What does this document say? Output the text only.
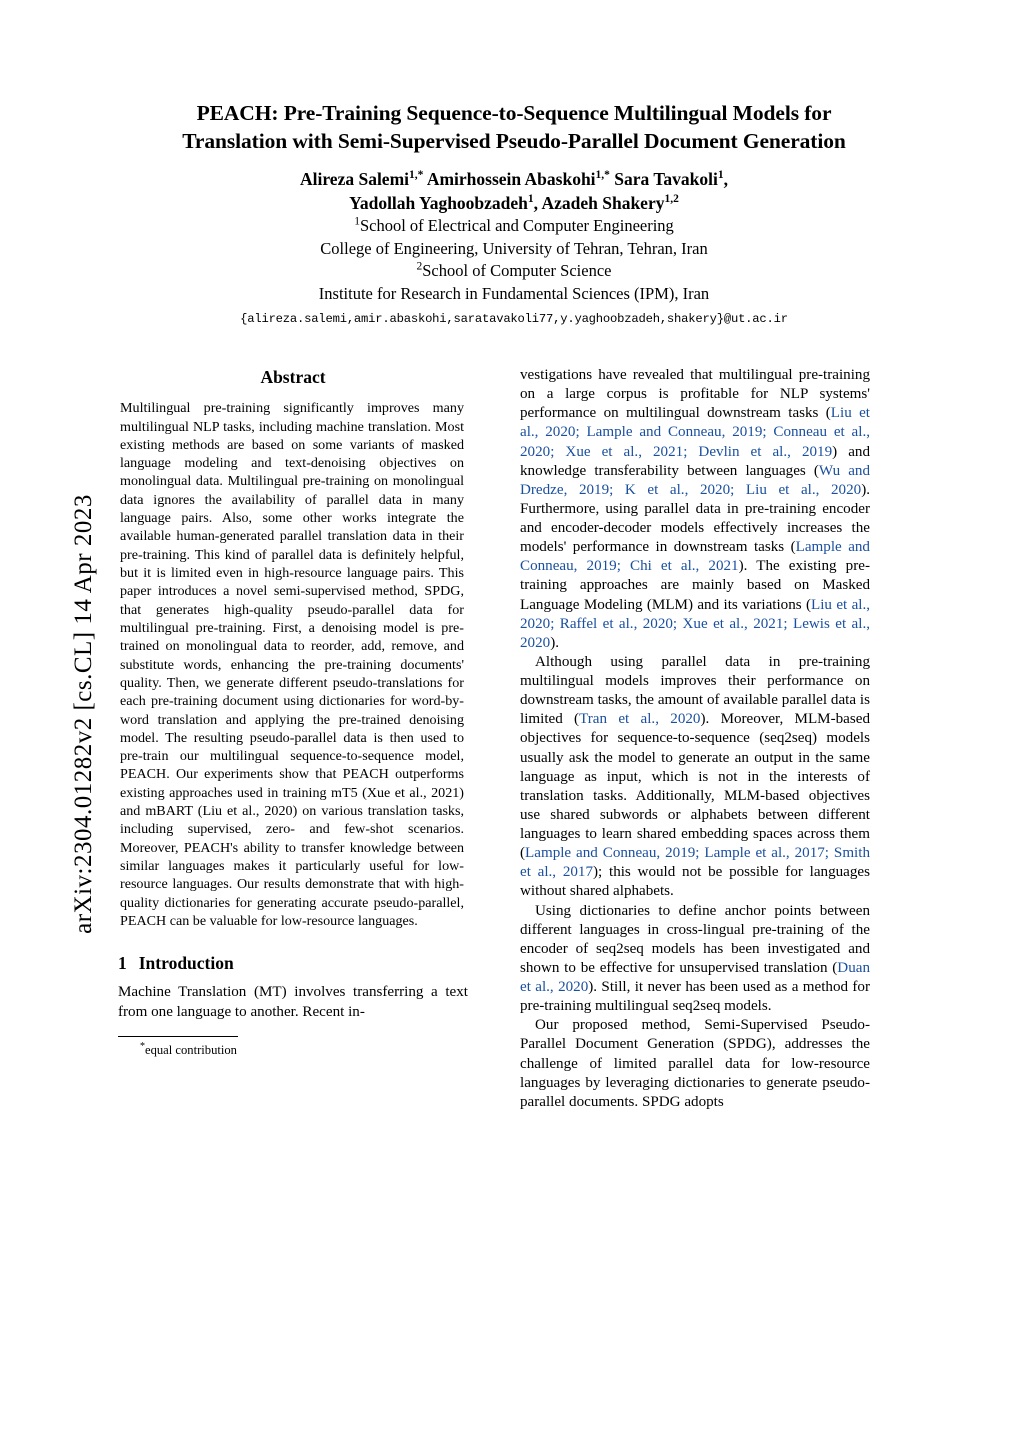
arXiv:2304.01282v2 [cs.CL] 14 Apr 2023
PEACH: Pre-Training Sequence-to-Sequence Multilingual Models for
Translation with Semi-Supervised Pseudo-Parallel Document Generation
Alireza Salemi$^{1,*}$ Amirhossein Abaskohi$^{1,*}$ Sara Tavakoli$^1$,
Yadollah Yaghoobzadeh$^1$, Azadeh Shakery$^{1,2}$
$^1$School of Electrical and Computer Engineering
College of Engineering, University of Tehran, Tehran, Iran
$^2$School of Computer Science
Institute for Research in Fundamental Sciences (IPM), Iran
{alireza.salemi,amir.abaskohi,saratavakoli77,y.yaghoobzadeh,shakery}@ut.ac.ir
Abstract
Multilingual pre-training significantly improves many multilingual NLP tasks, including machine translation. Most existing methods are based on some variants of masked language modeling and text-denoising objectives on monolingual data. Multilingual pre-training on monolingual data ignores the availability of parallel data in many language pairs. Also, some other works integrate the available human-generated parallel translation data in their pre-training. This kind of parallel data is definitely helpful, but it is limited even in high-resource language pairs. This paper introduces a novel semi-supervised method, SPDG, that generates high-quality pseudo-parallel data for multilingual pre-training. First, a denoising model is pre-trained on monolingual data to reorder, add, remove, and substitute words, enhancing the pre-training documents' quality. Then, we generate different pseudo-translations for each pre-training document using dictionaries for word-by-word translation and applying the pre-trained denoising model. The resulting pseudo-parallel data is then used to pre-train our multilingual sequence-to-sequence model, PEACH. Our experiments show that PEACH outperforms existing approaches used in training mT5 (Xue et al., 2021) and mBART (Liu et al., 2020) on various translation tasks, including supervised, zero- and few-shot scenarios. Moreover, PEACH's ability to transfer knowledge between similar languages makes it particularly useful for low-resource languages. Our results demonstrate that with high-quality dictionaries for generating accurate pseudo-parallel, PEACH can be valuable for low-resource languages.
1 Introduction

Machine Translation (MT) involves transferring a text from one language to another. Recent in-

*equal contribution

vestigations have revealed that multilingual pre-training on a large corpus is profitable for NLP systems' performance on multilingual downstream tasks (Liu et al., 2020; Lample and Conneau, 2019; Conneau et al., 2020; Xue et al., 2021; Devlin et al., 2019) and knowledge transferability between languages (Wu and Dredze, 2019; K et al., 2020; Liu et al., 2020). Furthermore, using parallel data in pre-training encoder and encoder-decoder models effectively increases the models' performance in downstream tasks (Lample and Conneau, 2019; Chi et al., 2021). The existing pre-training approaches are mainly based on Masked Language Modeling (MLM) and its variations (Liu et al., 2020; Raffel et al., 2020; Xue et al., 2021; Lewis et al., 2020).

Although using parallel data in pre-training multilingual models improves their performance on downstream tasks, the amount of available parallel data is limited (Tran et al., 2020). Moreover, MLM-based objectives for sequence-to-sequence (seq2seq) models usually ask the model to generate an output in the same language as input, which is not in the interests of translation tasks. Additionally, MLM-based objectives use shared subwords or alphabets between different languages to learn shared embedding spaces across them (Lample and Conneau, 2019; Lample et al., 2017; Smith et al., 2017); this would not be possible for languages without shared alphabets.

Using dictionaries to define anchor points between different languages in cross-lingual pre-training of the encoder of seq2seq models has been investigated and shown to be effective for unsupervised translation (Duan et al., 2020). Still, it never has been used as a method for pre-training multilingual seq2seq models.

Our proposed method, Semi-Supervised Pseudo-Parallel Document Generation (SPDG), addresses the challenge of limited parallel data for low-resource languages by leveraging dictionaries to generate pseudo-parallel documents. SPDG adopts
